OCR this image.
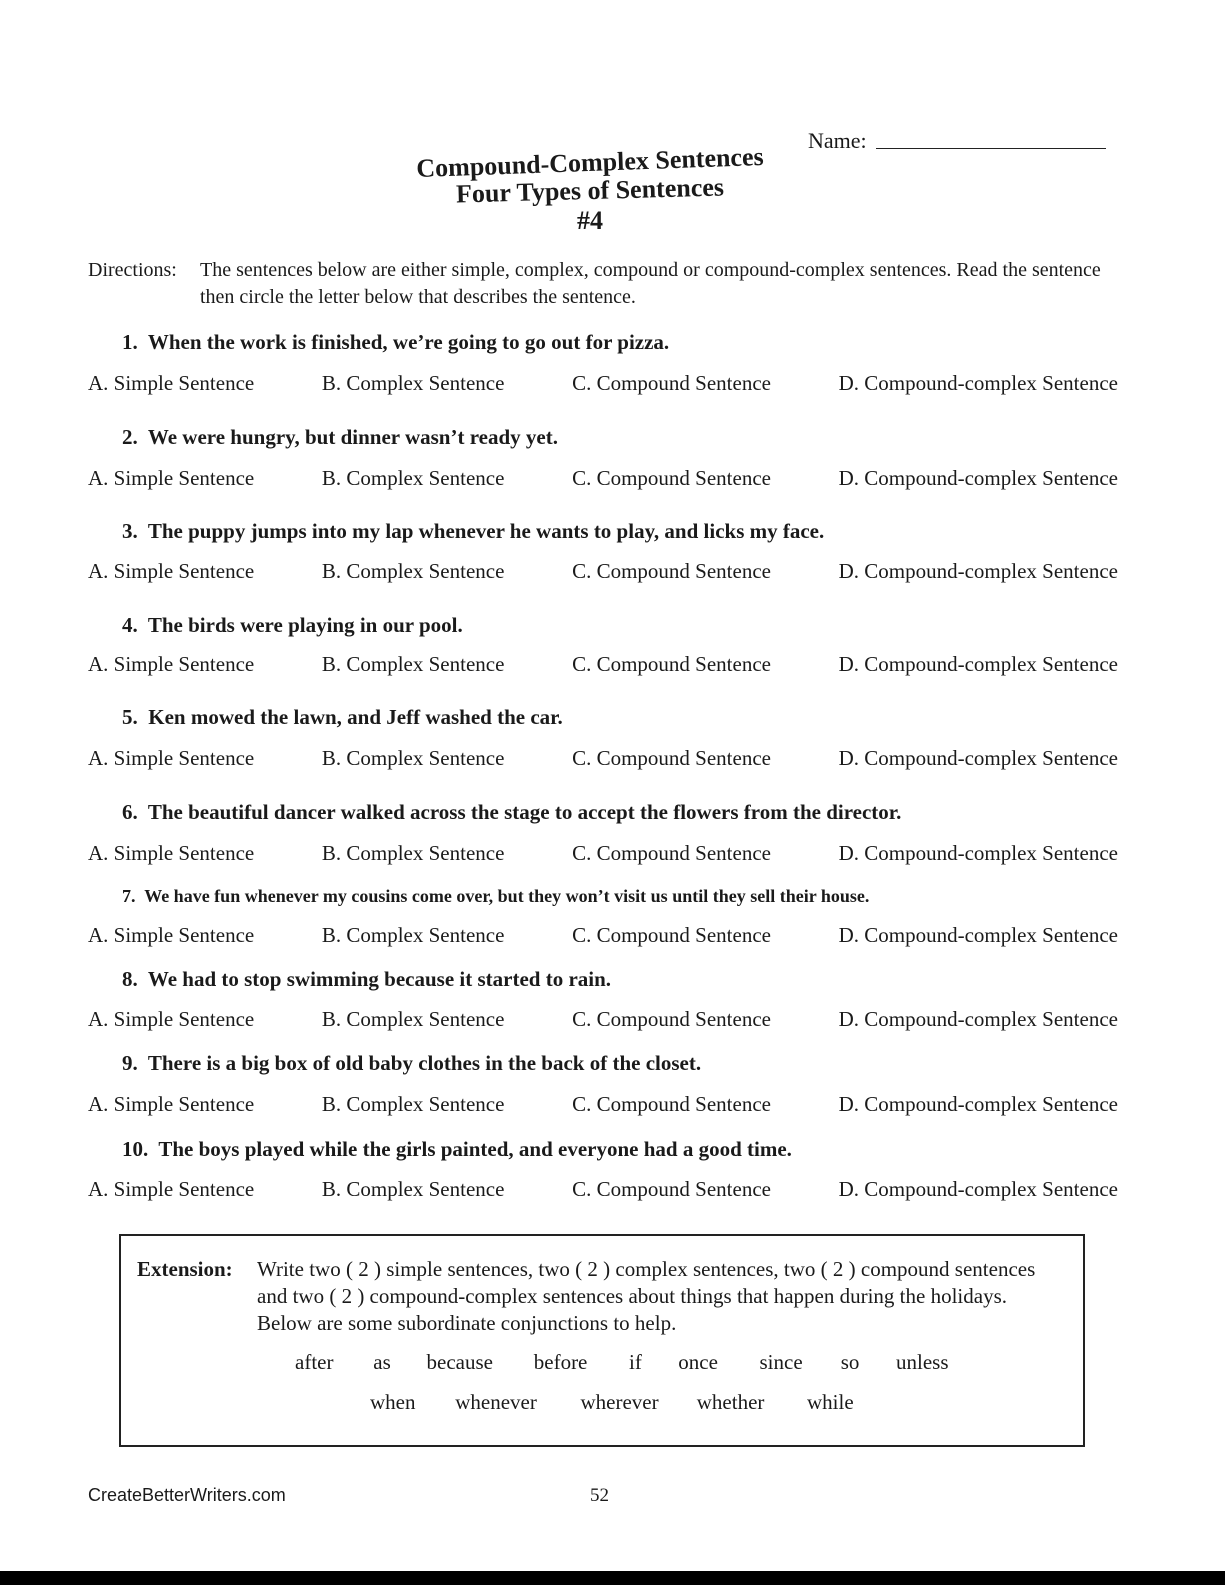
Name:
Compound-Complex Sentences
Four Types of Sentences
#4
Directions: The sentences below are either simple, complex, compound or compound-complex sentences. Read the sentence then circle the letter below that describes the sentence.
1. When the work is finished, we’re going to go out for pizza.
A. Simple Sentence	B. Complex Sentence	C. Compound Sentence	D. Compound-complex Sentence
2. We were hungry, but dinner wasn’t ready yet.
A. Simple Sentence	B. Complex Sentence	C. Compound Sentence	D. Compound-complex Sentence
3. The puppy jumps into my lap whenever he wants to play, and licks my face.
A. Simple Sentence	B. Complex Sentence	C. Compound Sentence	D. Compound-complex Sentence
4. The birds were playing in our pool.
A. Simple Sentence	B. Complex Sentence	C. Compound Sentence	D. Compound-complex Sentence
5. Ken mowed the lawn, and Jeff washed the car.
A. Simple Sentence	B. Complex Sentence	C. Compound Sentence	D. Compound-complex Sentence
6. The beautiful dancer walked across the stage to accept the flowers from the director.
A. Simple Sentence	B. Complex Sentence	C. Compound Sentence	D. Compound-complex Sentence
7. We have fun whenever my cousins come over, but they won’t visit us until they sell their house.
A. Simple Sentence	B. Complex Sentence	C. Compound Sentence	D. Compound-complex Sentence
8. We had to stop swimming because it started to rain.
A. Simple Sentence	B. Complex Sentence	C. Compound Sentence	D. Compound-complex Sentence
9. There is a big box of old baby clothes in the back of the closet.
A. Simple Sentence	B. Complex Sentence	C. Compound Sentence	D. Compound-complex Sentence
10. The boys played while the girls painted, and everyone had a good time.
A. Simple Sentence	B. Complex Sentence	C. Compound Sentence	D. Compound-complex Sentence
Extension: Write two ( 2 ) simple sentences, two ( 2 ) complex sentences, two ( 2 ) compound sentences and two ( 2 ) compound-complex sentences about things that happen during the holidays. Below are some subordinate conjunctions to help.
after as because before if once since so unless
when whenever wherever whether while
CreateBetterWriters.com	52
